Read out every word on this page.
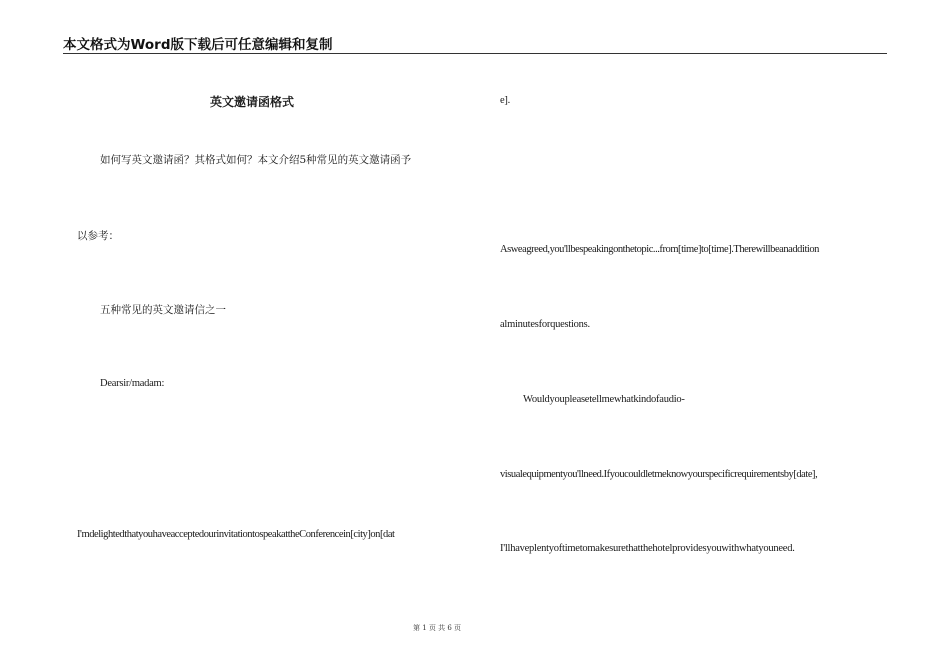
本文格式为Word版下载后可任意编辑和复制
英文邀请函格式
如何写英文邀请函？其格式如何？本文介绍5种常见的英文邀请函予
以参考：
五种常见的英文邀请信之一
Dearsir/madam:
I'mdelightedthatyouhaveacceptedourinvitationtospeakattheConferencein[city]on[dat
e].
Asweagreed,you'llbespeakingonthetopic...from[time]to[time].Therewillbeanaddition
alminutesforquestions.
Wouldyoupleasetellmewhatkindofaudio-
visualequipmentyou'llneed.Ifyoucouldletmeknowyourspecificrequirementsby[date],
I'llhaveplentyoftimetomakesurethatthehotelprovidesyouwithwhatyouneed.
第 1 页 共 6 页
